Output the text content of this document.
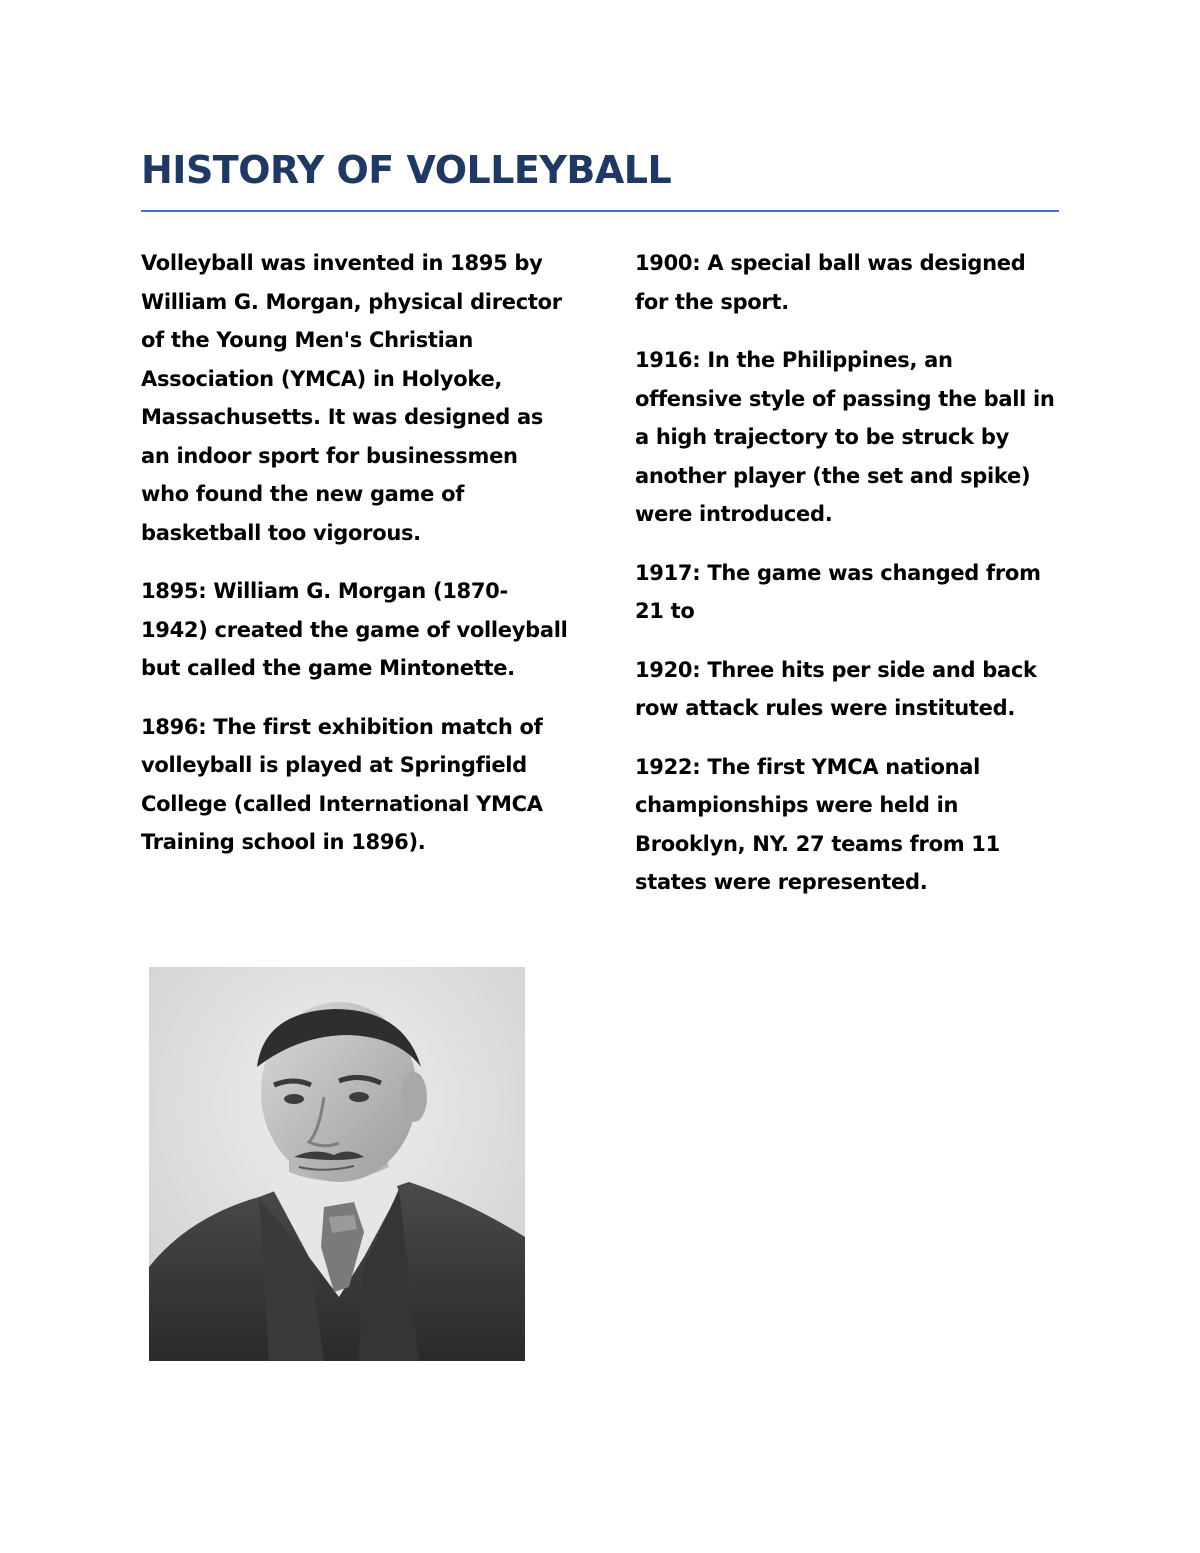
HISTORY OF VOLLEYBALL

Volleyball was invented in 1895 by William G. Morgan, physical director of the Young Men's Christian Association (YMCA) in Holyoke, Massachusetts. It was designed as an indoor sport for businessmen who found the new game of basketball too vigorous.

1895: William G. Morgan (1870-1942) created the game of volleyball but called the game Mintonette.

1896: The first exhibition match of volleyball is played at Springfield College (called International YMCA Training school in 1896).

1900: A special ball was designed for the sport.

1916: In the Philippines, an offensive style of passing the ball in a high trajectory to be struck by another player (the set and spike) were introduced.

1917: The game was changed from 21 to

1920: Three hits per side and back row attack rules were instituted.

1922: The first YMCA national championships were held in Brooklyn, NY. 27 teams from 11 states were represented.
